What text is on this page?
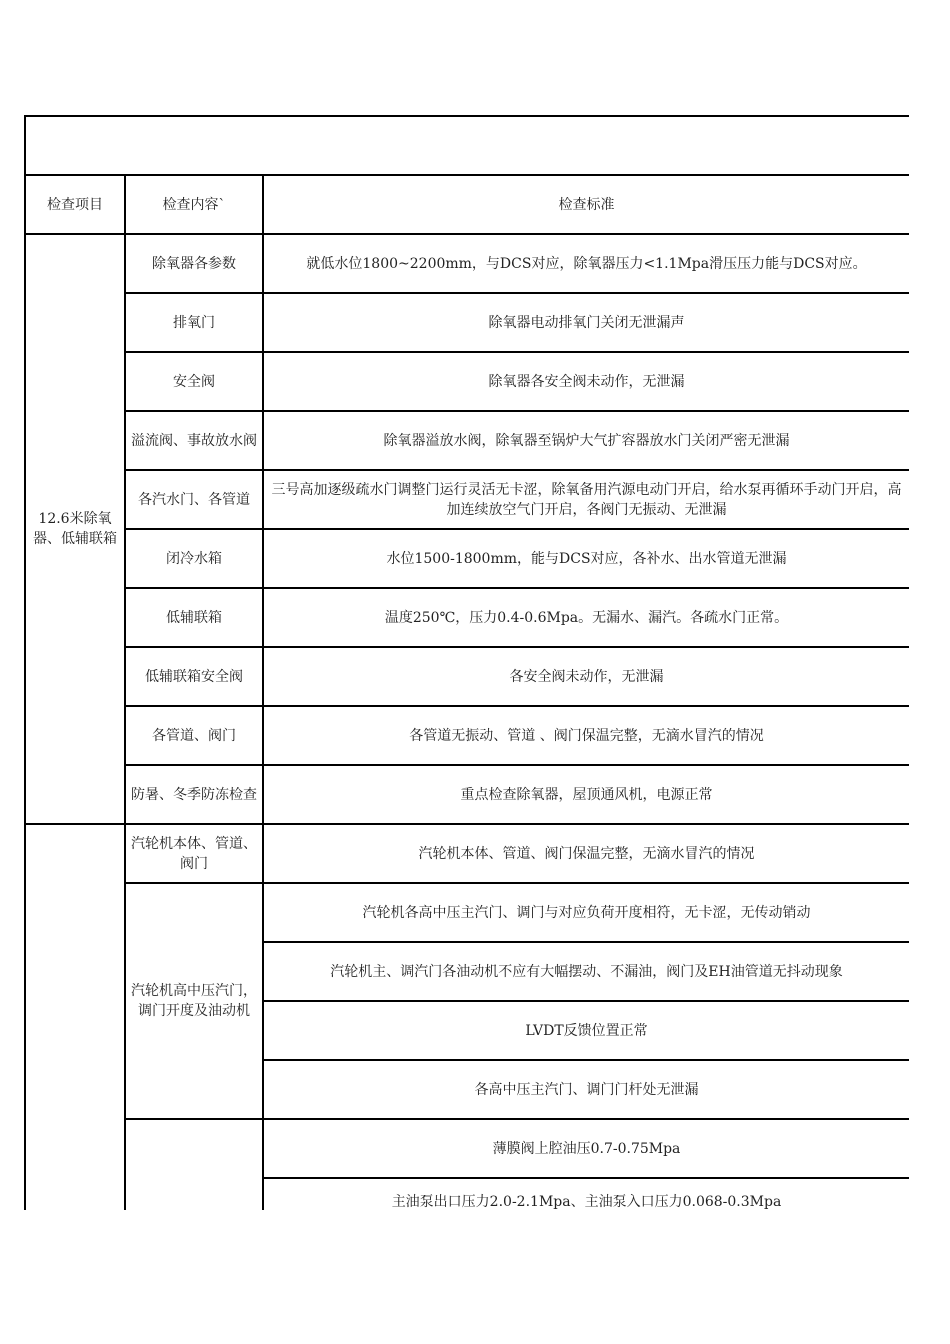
检查项目	检查内容`	检查标准
12.6米除氧器、低辅联箱	除氧器各参数	就低水位1800~2200mm，与DCS对应，除氧器压力<1.1Mpa滑压压力能与DCS对应。
	排氧门	除氧器电动排氧门关闭无泄漏声
	安全阀	除氧器各安全阀未动作，无泄漏
	溢流阀、事故放水阀	除氧器溢放水阀，除氧器至锅炉大气扩容器放水门关闭严密无泄漏
	各汽水门、各管道	三号高加逐级疏水门调整门运行灵活无卡涩，除氧备用汽源电动门开启，给水泵再循环手动门开启，高加连续放空气门开启，各阀门无振动、无泄漏
	闭冷水箱	水位1500-1800mm，能与DCS对应，各补水、出水管道无泄漏
	低辅联箱	温度250℃，压力0.4-0.6Mpa。无漏水、漏汽。各疏水门正常。
	低辅联箱安全阀	各安全阀未动作，无泄漏
	各管道、阀门	各管道无振动、管道 、阀门保温完整，无滴水冒汽的情况
	防暑、冬季防冻检查	重点检查除氧器，屋顶通风机，电源正常
	汽轮机本体、管道、阀门	汽轮机本体、管道、阀门保温完整，无滴水冒汽的情况
	汽轮机高中压汽门，调门开度及油动机	汽轮机各高中压主汽门、调门与对应负荷开度相符，无卡涩，无传动销动
		汽轮机主、调汽门各油动机不应有大幅摆动、不漏油，阀门及EH油管道无抖动现象
		LVDT反馈位置正常
		各高中压主汽门、调门门杆处无泄漏
		薄膜阀上腔油压0.7-0.75Mpa
		主油泵出口压力2.0-2.1Mpa、主油泵入口压力0.068-0.3Mpa
